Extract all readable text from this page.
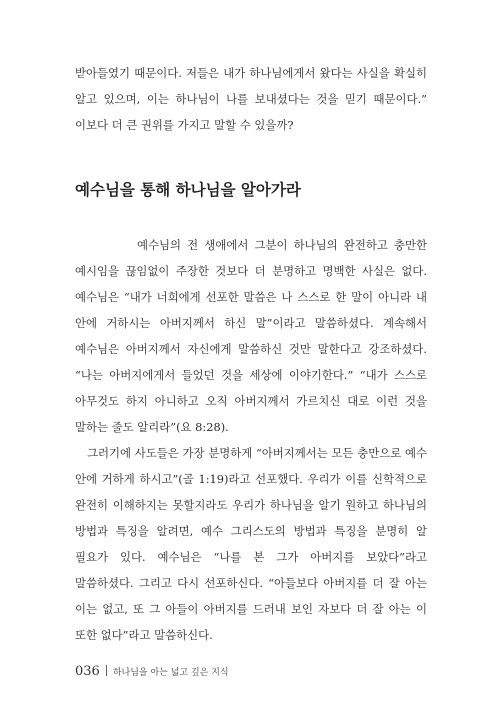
받아들였기 때문이다. 저들은 내가 하나님에게서 왔다는 사실을 확실히 알고 있으며, 이는 하나님이 나를 보내셨다는 것을 믿기 때문이다.” 이보다 더 큰 권위를 가지고 말할 수 있을까?

예수님을 통해 하나님을 알아가라

예수님의 전 생애에서 그분이 하나님의 완전하고 충만한 예시임을 끊임없이 주장한 것보다 더 분명하고 명백한 사실은 없다. 예수님은 “내가 너희에게 선포한 말씀은 나 스스로 한 말이 아니라 내 안에 거하시는 아버지께서 하신 말”이라고 말씀하셨다. 계속해서 예수님은 아버지께서 자신에게 말씀하신 것만 말한다고 강조하셨다. “나는 아버지에게서 들었던 것을 세상에 이야기한다.” “내가 스스로 아무것도 하지 아니하고 오직 아버지께서 가르치신 대로 이런 것을 말하는 줄도 알리라”(요 8:28).

그러기에 사도들은 가장 분명하게 “아버지께서는 모든 충만으로 예수 안에 거하게 하시고”(골 1:19)라고 선포했다. 우리가 이를 신학적으로 완전히 이해하지는 못할지라도 우리가 하나님을 알기 원하고 하나님의 방법과 특징을 알려면, 예수 그리스도의 방법과 특징을 분명히 알 필요가 있다. 예수님은 “나를 본 그가 아버지를 보았다”라고 말씀하셨다. 그리고 다시 선포하신다. “아들보다 아버지를 더 잘 아는 이는 없고, 또 그 아들이 아버지를 드러내 보인 자보다 더 잘 아는 이 또한 없다”라고 말씀하신다.

036 하나님을 아는 넓고 깊은 지식
